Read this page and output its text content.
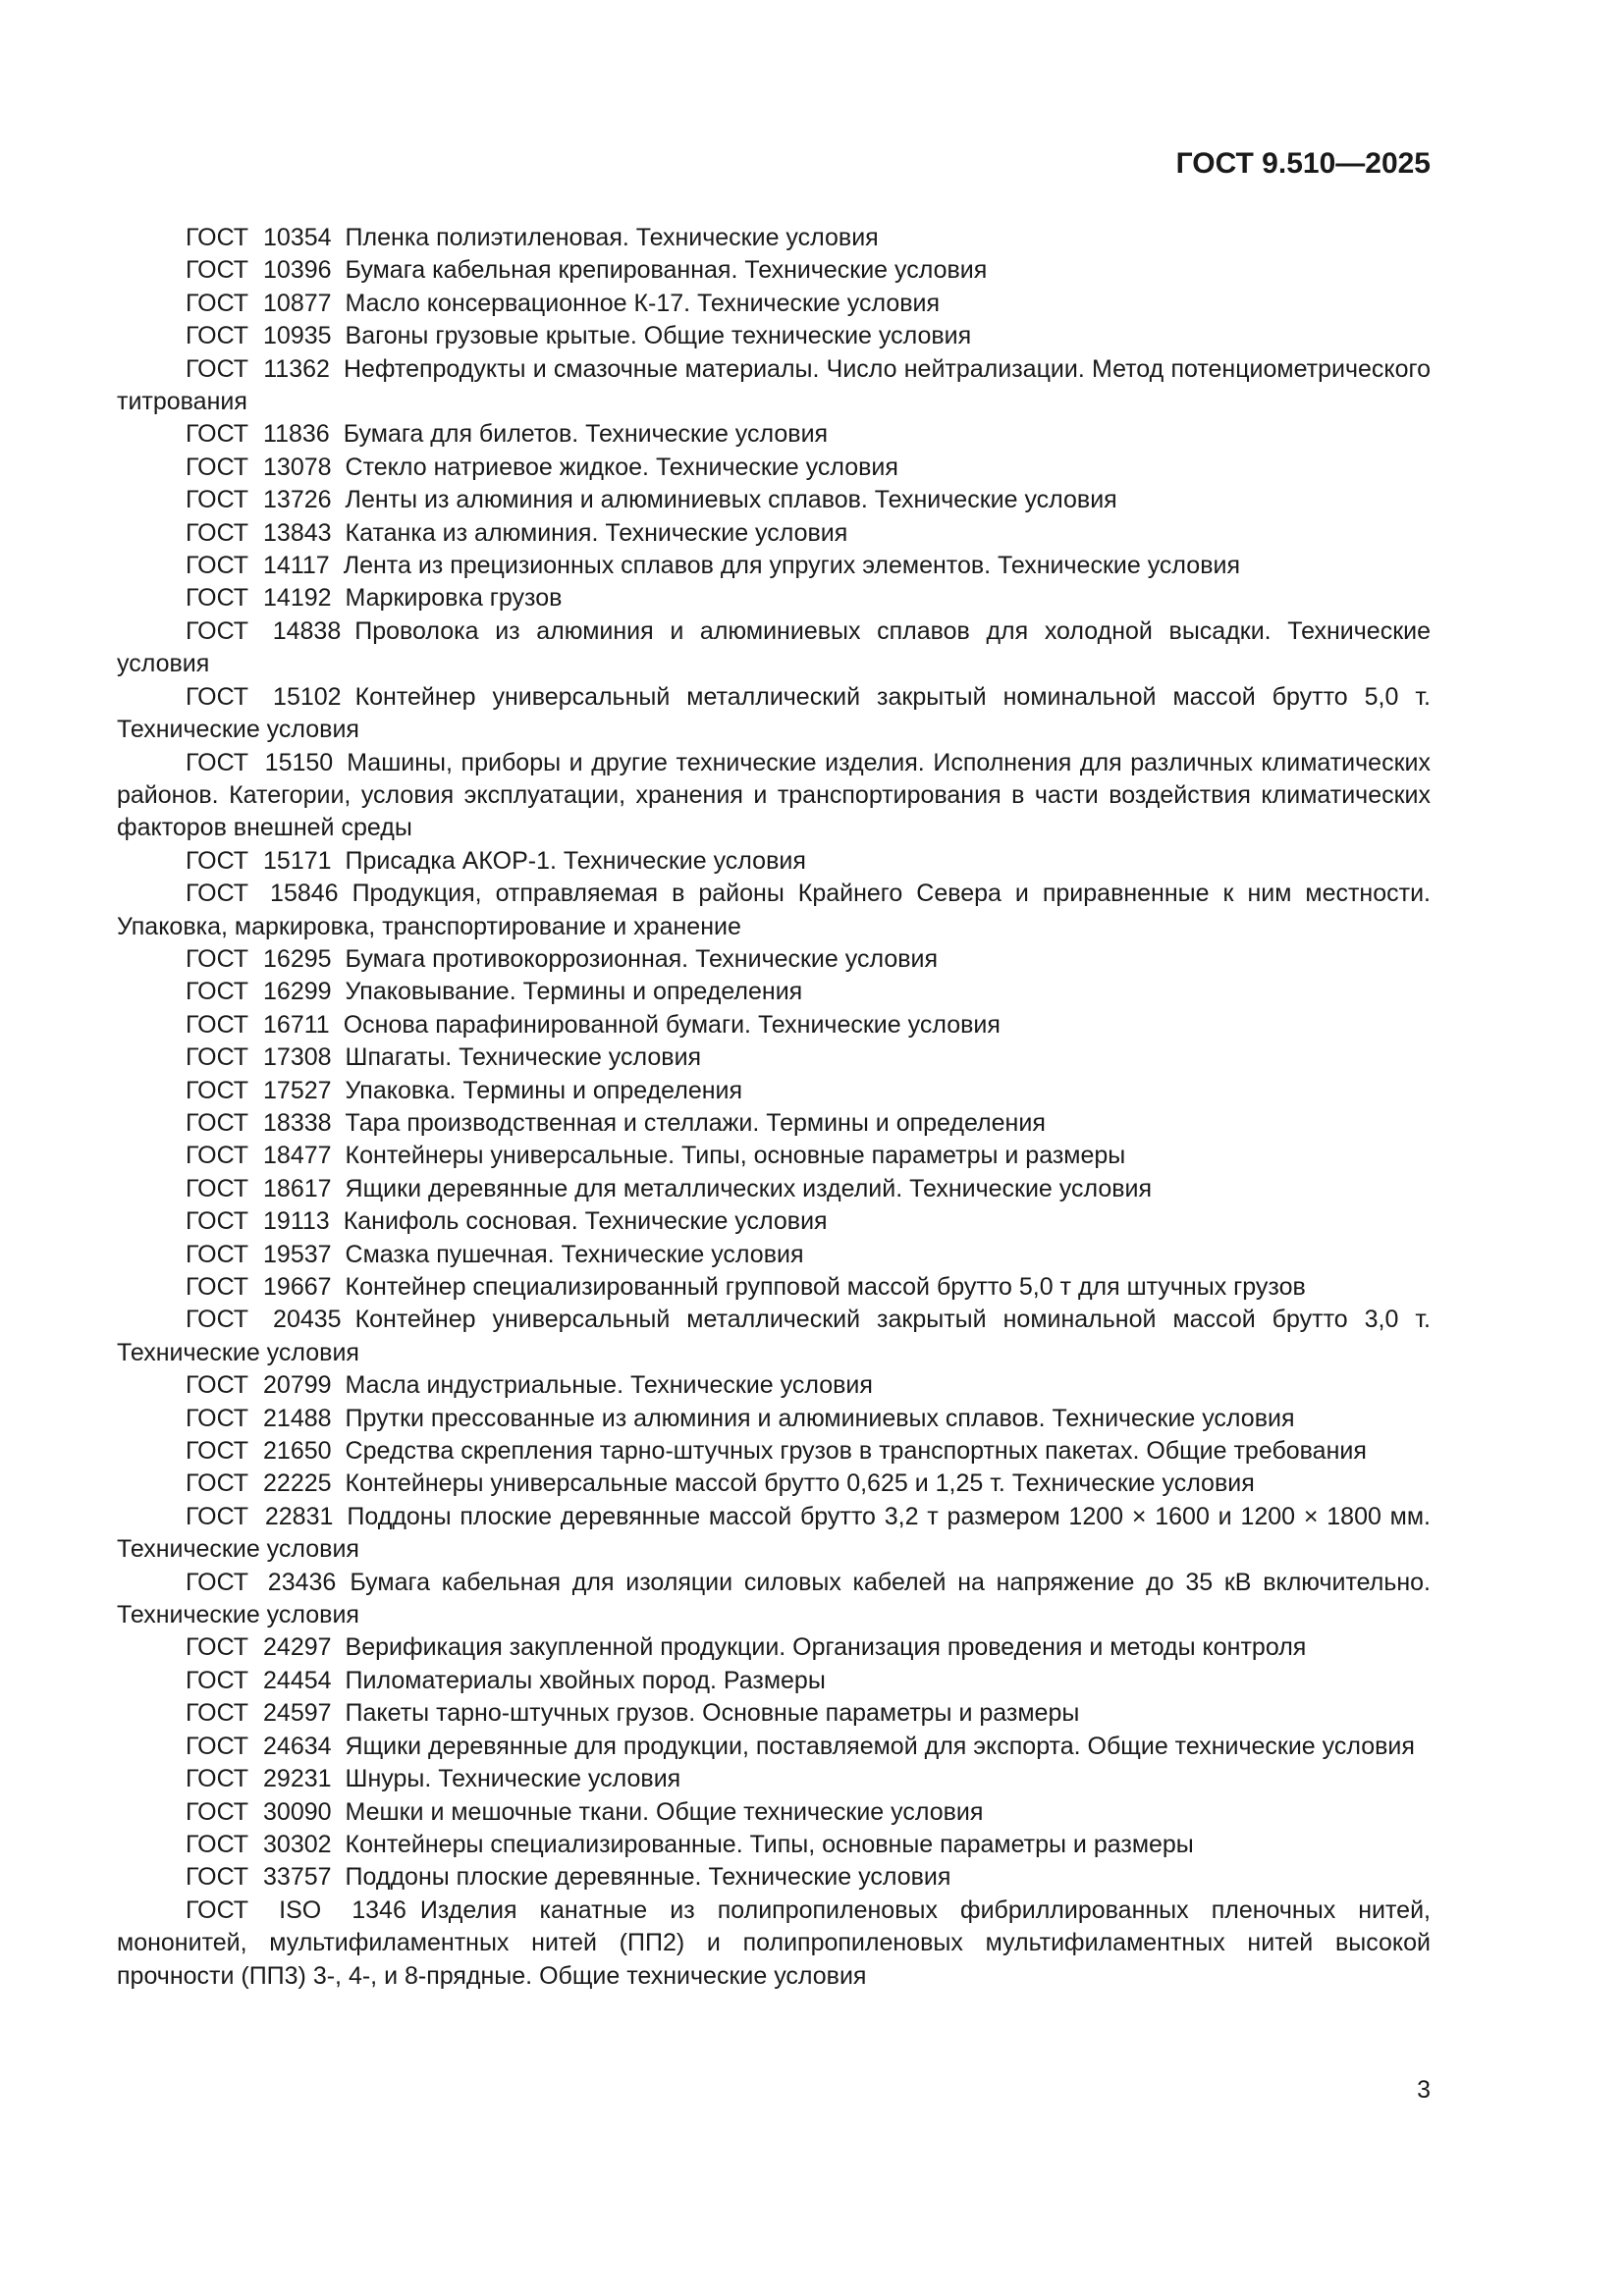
ГОСТ 9.510—2025

ГОСТ 10354 Пленка полиэтиленовая. Технические условия

ГОСТ 10396 Бумага кабельная крепированная. Технические условия

ГОСТ 10877 Масло консервационное К-17. Технические условия

ГОСТ 10935 Вагоны грузовые крытые. Общие технические условия

ГОСТ 11362 Нефтепродукты и смазочные материалы. Число нейтрализации. Метод потенциометрического титрования

ГОСТ 11836 Бумага для билетов. Технические условия

ГОСТ 13078 Стекло натриевое жидкое. Технические условия

ГОСТ 13726 Ленты из алюминия и алюминиевых сплавов. Технические условия

ГОСТ 13843 Катанка из алюминия. Технические условия

ГОСТ 14117 Лента из прецизионных сплавов для упругих элементов. Технические условия

ГОСТ 14192 Маркировка грузов

ГОСТ 14838 Проволока из алюминия и алюминиевых сплавов для холодной высадки. Технические условия

ГОСТ 15102 Контейнер универсальный металлический закрытый номинальной массой брутто 5,0 т. Технические условия

ГОСТ 15150 Машины, приборы и другие технические изделия. Исполнения для различных климатических районов. Категории, условия эксплуатации, хранения и транспортирования в части воздействия климатических факторов внешней среды

ГОСТ 15171 Присадка АКОР-1. Технические условия

ГОСТ 15846 Продукция, отправляемая в районы Крайнего Севера и приравненные к ним местности. Упаковка, маркировка, транспортирование и хранение

ГОСТ 16295 Бумага противокоррозионная. Технические условия

ГОСТ 16299 Упаковывание. Термины и определения

ГОСТ 16711 Основа парафинированной бумаги. Технические условия

ГОСТ 17308 Шпагаты. Технические условия

ГОСТ 17527 Упаковка. Термины и определения

ГОСТ 18338 Тара производственная и стеллажи. Термины и определения

ГОСТ 18477 Контейнеры универсальные. Типы, основные параметры и размеры

ГОСТ 18617 Ящики деревянные для металлических изделий. Технические условия

ГОСТ 19113 Канифоль сосновая. Технические условия

ГОСТ 19537 Смазка пушечная. Технические условия

ГОСТ 19667 Контейнер специализированный групповой массой брутто 5,0 т для штучных грузов

ГОСТ 20435 Контейнер универсальный металлический закрытый номинальной массой брутто 3,0 т. Технические условия

ГОСТ 20799 Масла индустриальные. Технические условия

ГОСТ 21488 Прутки прессованные из алюминия и алюминиевых сплавов. Технические условия

ГОСТ 21650 Средства скрепления тарно-штучных грузов в транспортных пакетах. Общие требования

ГОСТ 22225 Контейнеры универсальные массой брутто 0,625 и 1,25 т. Технические условия

ГОСТ 22831 Поддоны плоские деревянные массой брутто 3,2 т размером 1200 × 1600 и 1200 × 1800 мм. Технические условия

ГОСТ 23436 Бумага кабельная для изоляции силовых кабелей на напряжение до 35 кВ включительно. Технические условия

ГОСТ 24297 Верификация закупленной продукции. Организация проведения и методы контроля

ГОСТ 24454 Пиломатериалы хвойных пород. Размеры

ГОСТ 24597 Пакеты тарно-штучных грузов. Основные параметры и размеры

ГОСТ 24634 Ящики деревянные для продукции, поставляемой для экспорта. Общие технические условия

ГОСТ 29231 Шнуры. Технические условия

ГОСТ 30090 Мешки и мешочные ткани. Общие технические условия

ГОСТ 30302 Контейнеры специализированные. Типы, основные параметры и размеры

ГОСТ 33757 Поддоны плоские деревянные. Технические условия

ГОСТ ISO 1346 Изделия канатные из полипропиленовых фибриллированных пленочных нитей, мононитей, мультифиламентных нитей (ПП2) и полипропиленовых мультифиламентных нитей высокой прочности (ПП3) 3-, 4-, и 8-прядные. Общие технические условия

3
